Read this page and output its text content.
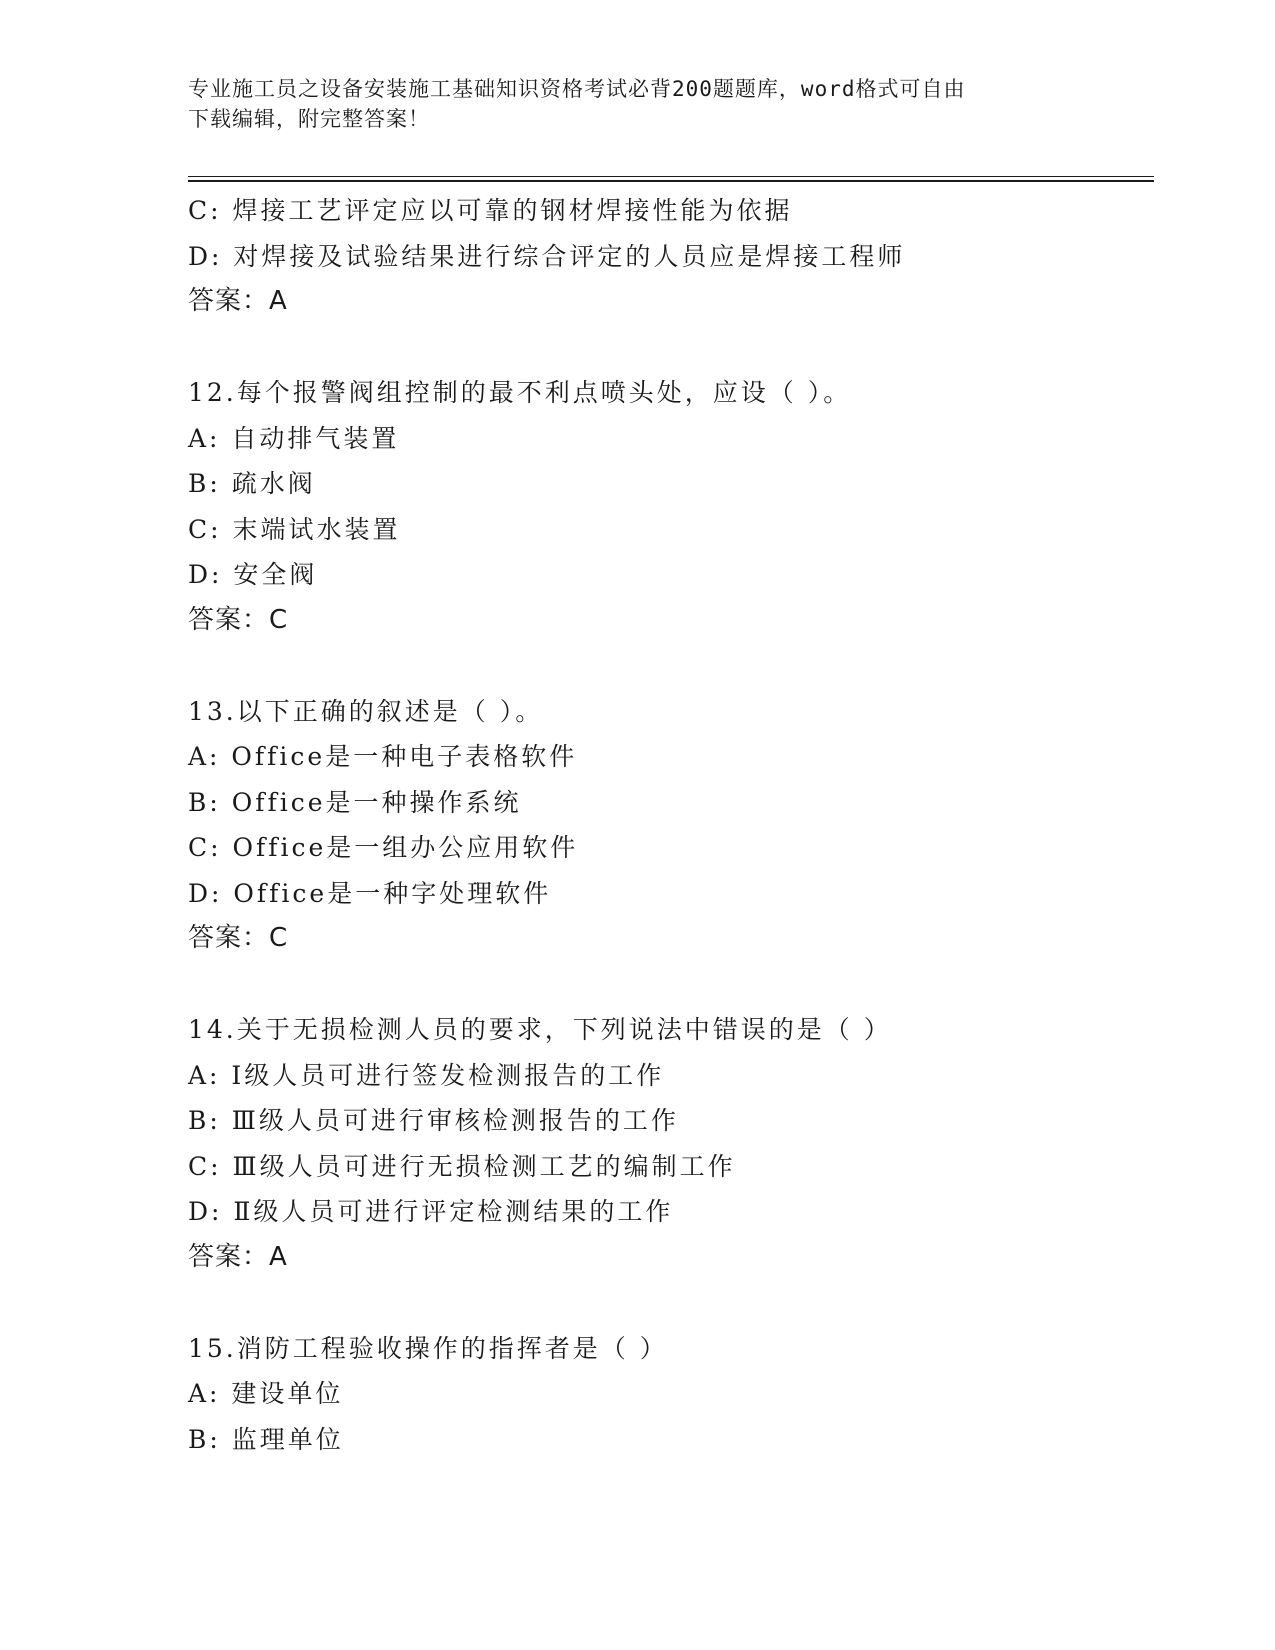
专业施工员之设备安装施工基础知识资格考试必背200题题库，word格式可自由
下载编辑，附完整答案！
C: 焊接工艺评定应以可靠的钢材焊接性能为依据
D: 对焊接及试验结果进行综合评定的人员应是焊接工程师
答案：A
12.每个报警阀组控制的最不利点喷头处，应设（ ）。
A: 自动排气装置
B: 疏水阀
C: 末端试水装置
D: 安全阀
答案：C
13.以下正确的叙述是（ ）。
A: Office是一种电子表格软件
B: Office是一种操作系统
C: Office是一组办公应用软件
D: Office是一种字处理软件
答案：C
14.关于无损检测人员的要求，下列说法中错误的是（ ）
A: Ⅰ级人员可进行签发检测报告的工作
B: Ⅲ级人员可进行审核检测报告的工作
C: Ⅲ级人员可进行无损检测工艺的编制工作
D: Ⅱ级人员可进行评定检测结果的工作
答案：A
15.消防工程验收操作的指挥者是（ ）
A: 建设单位
B: 监理单位
